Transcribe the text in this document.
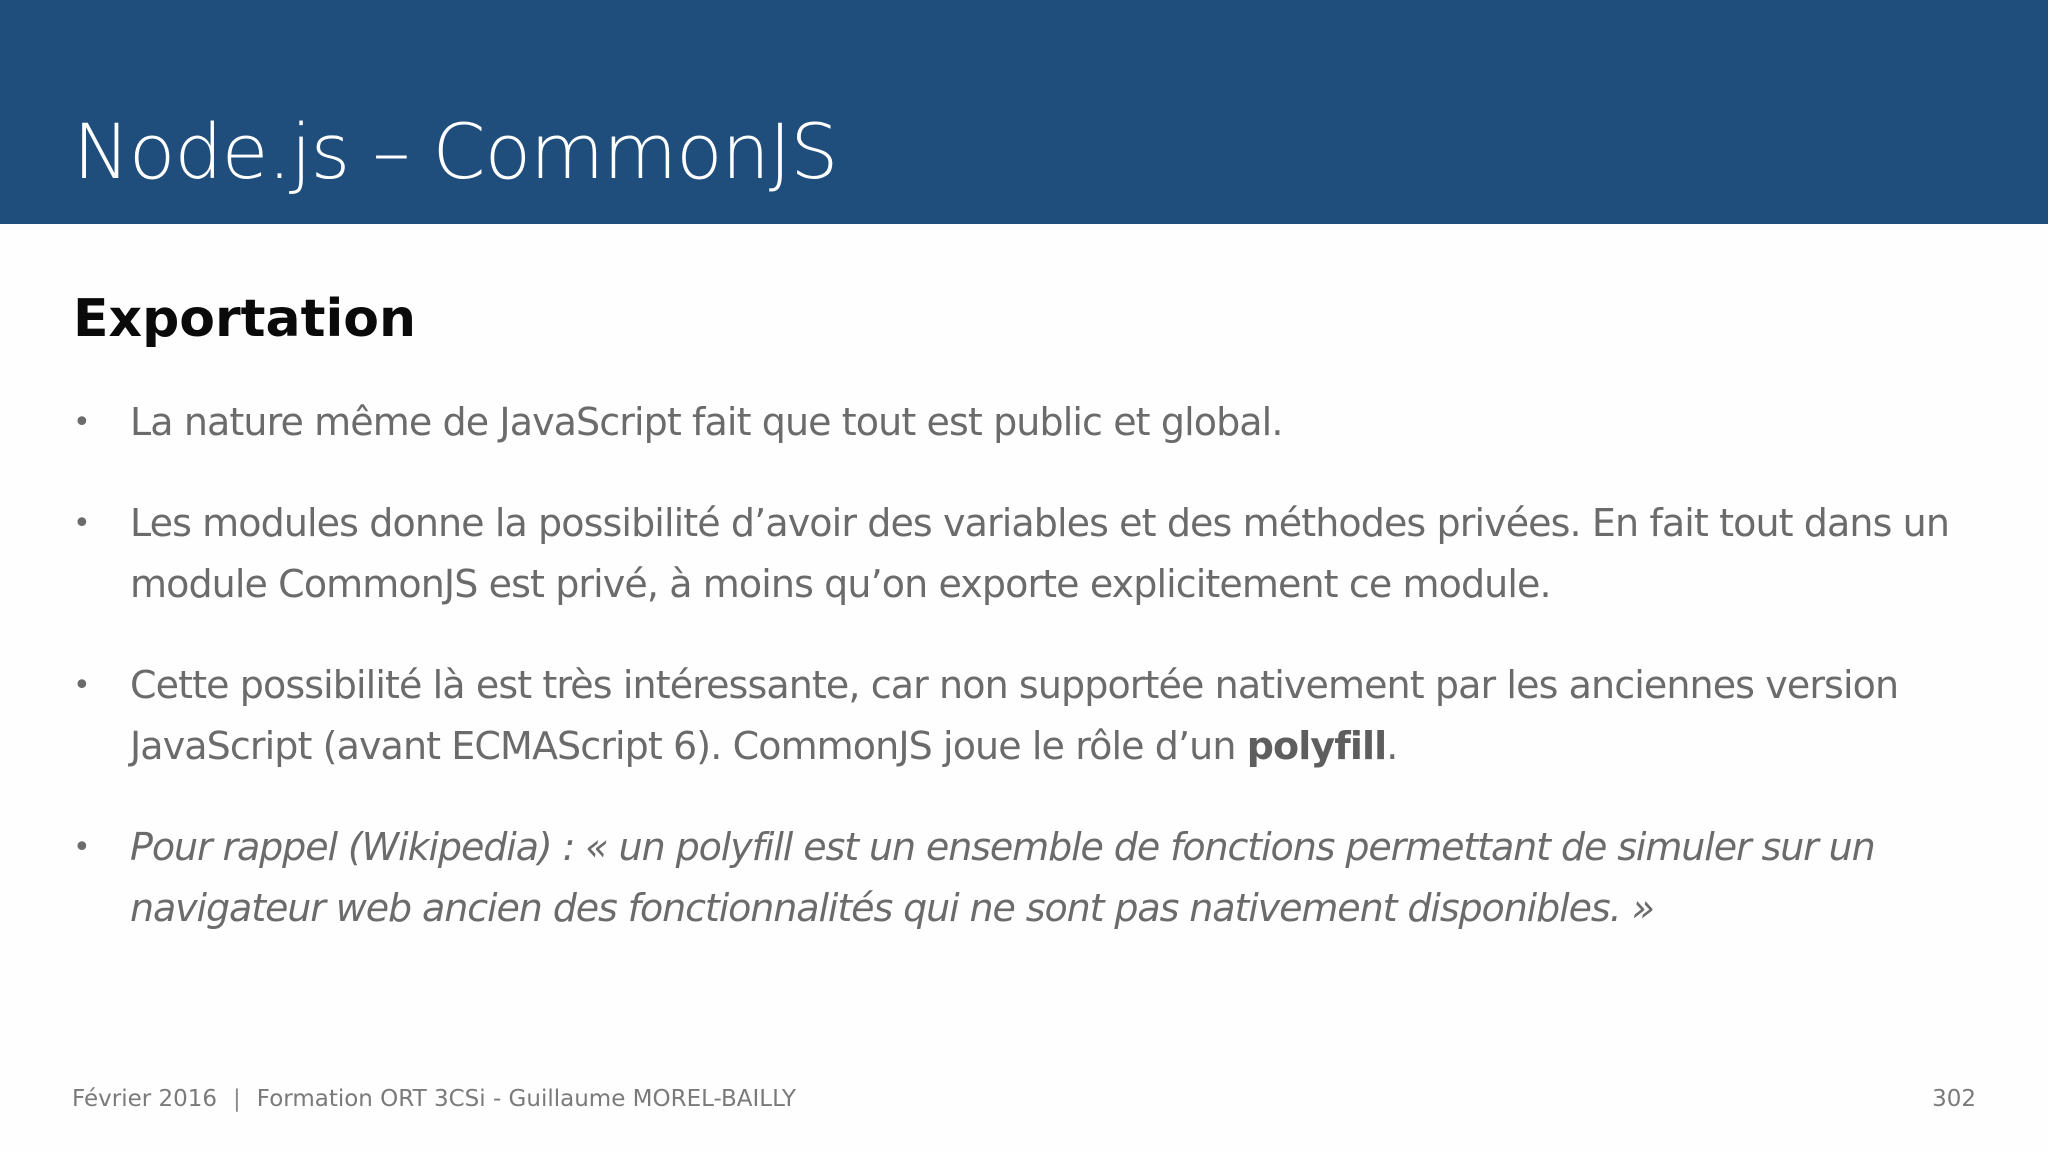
Node.js – CommonJS
Exportation
• La nature même de JavaScript fait que tout est public et global.
• Les modules donne la possibilité d’avoir des variables et des méthodes privées. En fait tout dans un module CommonJS est privé, à moins qu’on exporte explicitement ce module.
• Cette possibilité là est très intéressante, car non supportée nativement par les anciennes version JavaScript (avant ECMAScript 6). CommonJS joue le rôle d’un polyfill.
• Pour rappel (Wikipedia) : « un polyfill est un ensemble de fonctions permettant de simuler sur un navigateur web ancien des fonctionnalités qui ne sont pas nativement disponibles. »
Février 2016 | Formation ORT 3CSi - Guillaume MOREL-BAILLY	302
